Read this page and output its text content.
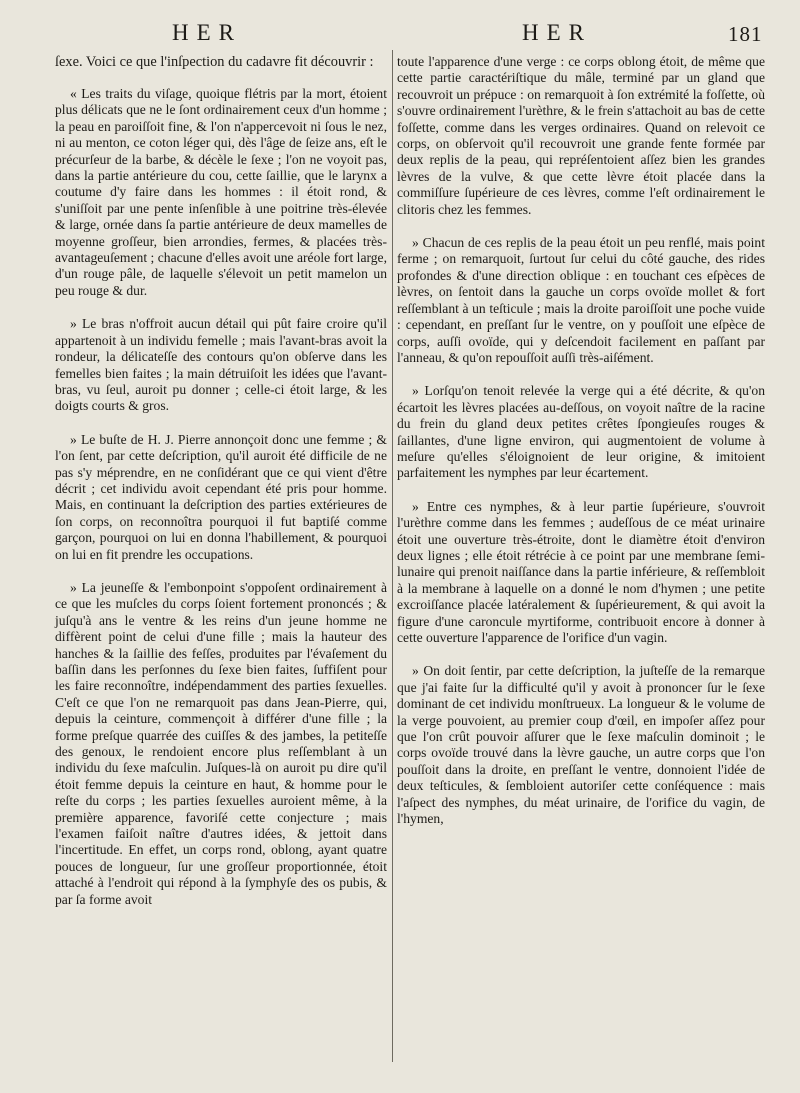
HER	HER	181

ſexe. Voici ce que l'inſpection du cadavre fit découvrir :

« Les traits du viſage, quoique flétris par la mort, étoient plus délicats que ne le ſont ordinairement ceux d'un homme ; la peau en paroiſſoit fine, & l'on n'appercevoit ni ſous le nez, ni au menton, ce coton léger qui, dès l'âge de ſeize ans, eſt le précurſeur de la barbe, & décèle le ſexe ; l'on ne voyoit pas, dans la partie antérieure du cou, cette ſaillie, que le larynx a coutume d'y faire dans les hommes : il étoit rond, & s'uniſſoit par une pente inſenſible à une poitrine très-élevée & large, ornée dans ſa partie antérieure de deux mamelles de moyenne groſſeur, bien arrondies, fermes, & placées très-avantageuſement ; chacune d'elles avoit une aréole fort large, d'un rouge pâle, de laquelle s'élevoit un petit mamelon un peu rouge & dur.

» Le bras n'offroit aucun détail qui pût faire croire qu'il appartenoit à un individu femelle ; mais l'avant-bras avoit la rondeur, la délicateſſe des contours qu'on obſerve dans les femelles bien faites ; la main détruiſoit les idées que l'avant-bras, vu ſeul, auroit pu donner ; celle-ci étoit large, & les doigts courts & gros.

» Le buſte de H. J. Pierre annonçoit donc une femme ; & l'on ſent, par cette deſcription, qu'il auroit été difficile de ne pas s'y méprendre, en ne conſidérant que ce qui vient d'être décrit ; cet individu avoit cependant été pris pour homme. Mais, en continuant la deſcription des parties extérieures de ſon corps, on reconnoîtra pourquoi il fut baptiſé comme garçon, pourquoi on lui en donna l'habillement, & pourquoi on lui en fit prendre les occupations.

» La jeuneſſe & l'embonpoint s'oppoſent ordinairement à ce que les muſcles du corps ſoient fortement prononcés ; & juſqu'à ans le ventre & les reins d'un jeune homme ne diffèrent point de celui d'une fille ; mais la hauteur des hanches & la ſaillie des feſſes, produites par l'évaſement du baſſin dans les perſonnes du ſexe bien faites, ſuffiſent pour les faire reconnoître, indépendamment des parties ſexuelles. C'eſt ce que l'on ne remarquoit pas dans Jean-Pierre, qui, depuis la ceinture, commençoit à différer d'une fille ; la forme preſque quarrée des cuiſſes & des jambes, la petiteſſe des genoux, le rendoient encore plus reſſemblant à un individu du ſexe maſculin. Juſques-là on auroit pu dire qu'il étoit femme depuis la ceinture en haut, & homme pour le reſte du corps ; les parties ſexuelles auroient même, à la première apparence, favoriſé cette conjecture ; mais l'examen faiſoit naître d'autres idées, & jettoit dans l'incertitude. En effet, un corps rond, oblong, ayant quatre pouces de longueur, ſur une groſſeur proportionnée, étoit attaché à l'endroit qui répond à la ſymphyſe des os pubis, & par ſa forme avoit

toute l'apparence d'une verge : ce corps oblong étoit, de même que cette partie caractériſtique du mâle, terminé par un gland que recouvroit un prépuce : on remarquoit à ſon extrémité la foſſette, où s'ouvre ordinairement l'urèthre, & le frein s'attachoit au bas de cette foſſette, comme dans les verges ordinaires. Quand on relevoit ce corps, on obſervoit qu'il recouvroit une grande fente formée par deux replis de la peau, qui repréſentoient aſſez bien les grandes lèvres de la vulve, & que cette lèvre étoit placée dans la commiſſure ſupérieure de ces lèvres, comme l'eſt ordinairement le clitoris chez les femmes.

» Chacun de ces replis de la peau étoit un peu renflé, mais point ferme ; on remarquoit, ſurtout ſur celui du côté gauche, des rides profondes & d'une direction oblique : en touchant ces eſpèces de lèvres, on ſentoit dans la gauche un corps ovoïde mollet & fort reſſemblant à un teſticule ; mais la droite paroiſſoit une poche vuide : cependant, en preſſant ſur le ventre, on y pouſſoit une eſpèce de corps, auſſi ovoïde, qui y deſcendoit facilement en paſſant par l'anneau, & qu'on repouſſoit auſſi très-aiſément.

» Lorſqu'on tenoit relevée la verge qui a été décrite, & qu'on écartoit les lèvres placées au-deſſous, on voyoit naître de la racine du frein du gland deux petites crêtes ſpongieuſes rouges & ſaillantes, d'une ligne environ, qui augmentoient de volume à meſure qu'elles s'éloignoient de leur origine, & imitoient parfaitement les nymphes par leur écartement.

» Entre ces nymphes, & à leur partie ſupérieure, s'ouvroit l'urèthre comme dans les femmes ; audeſſous de ce méat urinaire étoit une ouverture très-étroite, dont le diamètre étoit d'environ deux lignes ; elle étoit rétrécie à ce point par une membrane ſemi-lunaire qui prenoit naiſſance dans la partie inférieure, & reſſembloit à la membrane à laquelle on a donné le nom d'hymen ; une petite excroiſſance placée latéralement & ſupérieurement, & qui avoit la figure d'une caroncule myrtiforme, contribuoit encore à donner à cette ouverture l'apparence de l'orifice d'un vagin.

» On doit ſentir, par cette deſcription, la juſteſſe de la remarque que j'ai faite ſur la difficulté qu'il y avoit à prononcer ſur le ſexe dominant de cet individu monſtrueux. La longueur & le volume de la verge pouvoient, au premier coup d'œil, en impoſer aſſez pour que l'on crût pouvoir aſſurer que le ſexe maſculin dominoit ; le corps ovoïde trouvé dans la lèvre gauche, un autre corps que l'on pouſſoit dans la droite, en preſſant le ventre, donnoient l'idée de deux teſticules, & ſembloient autoriſer cette conſéquence : mais l'aſpect des nymphes, du méat urinaire, de l'orifice du vagin, de l'hymen,
